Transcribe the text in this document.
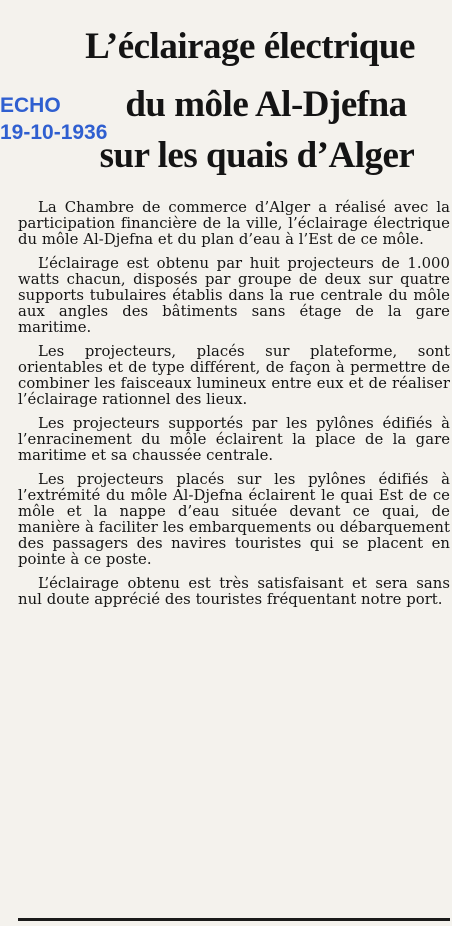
L’éclairage électrique
du môle Al-Djefna
sur les quais d’Alger
ECHO
19-10-1936

La Chambre de commerce d’Alger a réalisé avec la participation financière de la ville, l’éclairage électrique du môle Al-Djefna et du plan d’eau à l’Est de ce môle.

L’éclairage est obtenu par huit projecteurs de 1.000 watts chacun, disposés par groupe de deux sur quatre supports tubulaires établis dans la rue centrale du môle aux angles des bâtiments sans étage de la gare maritime.

Les projecteurs, placés sur plateforme, sont orientables et de type différent, de façon à permettre de combiner les faisceaux lumineux entre eux et de réaliser l’éclairage rationnel des lieux.

Les projecteurs supportés par les pylônes édifiés à l’enracinement du môle éclairent la place de la gare maritime et sa chaussée centrale.

Les projecteurs placés sur les pylônes édifiés à l’extrémité du môle Al-Djefna éclairent le quai Est de ce môle et la nappe d’eau située devant ce quai, de manière à faciliter les embarquements ou débarquement des passagers des navires touristes qui se placent en pointe à ce poste.

L’éclairage obtenu est très satisfaisant et sera sans nul doute apprécié des touristes fréquentant notre port.
